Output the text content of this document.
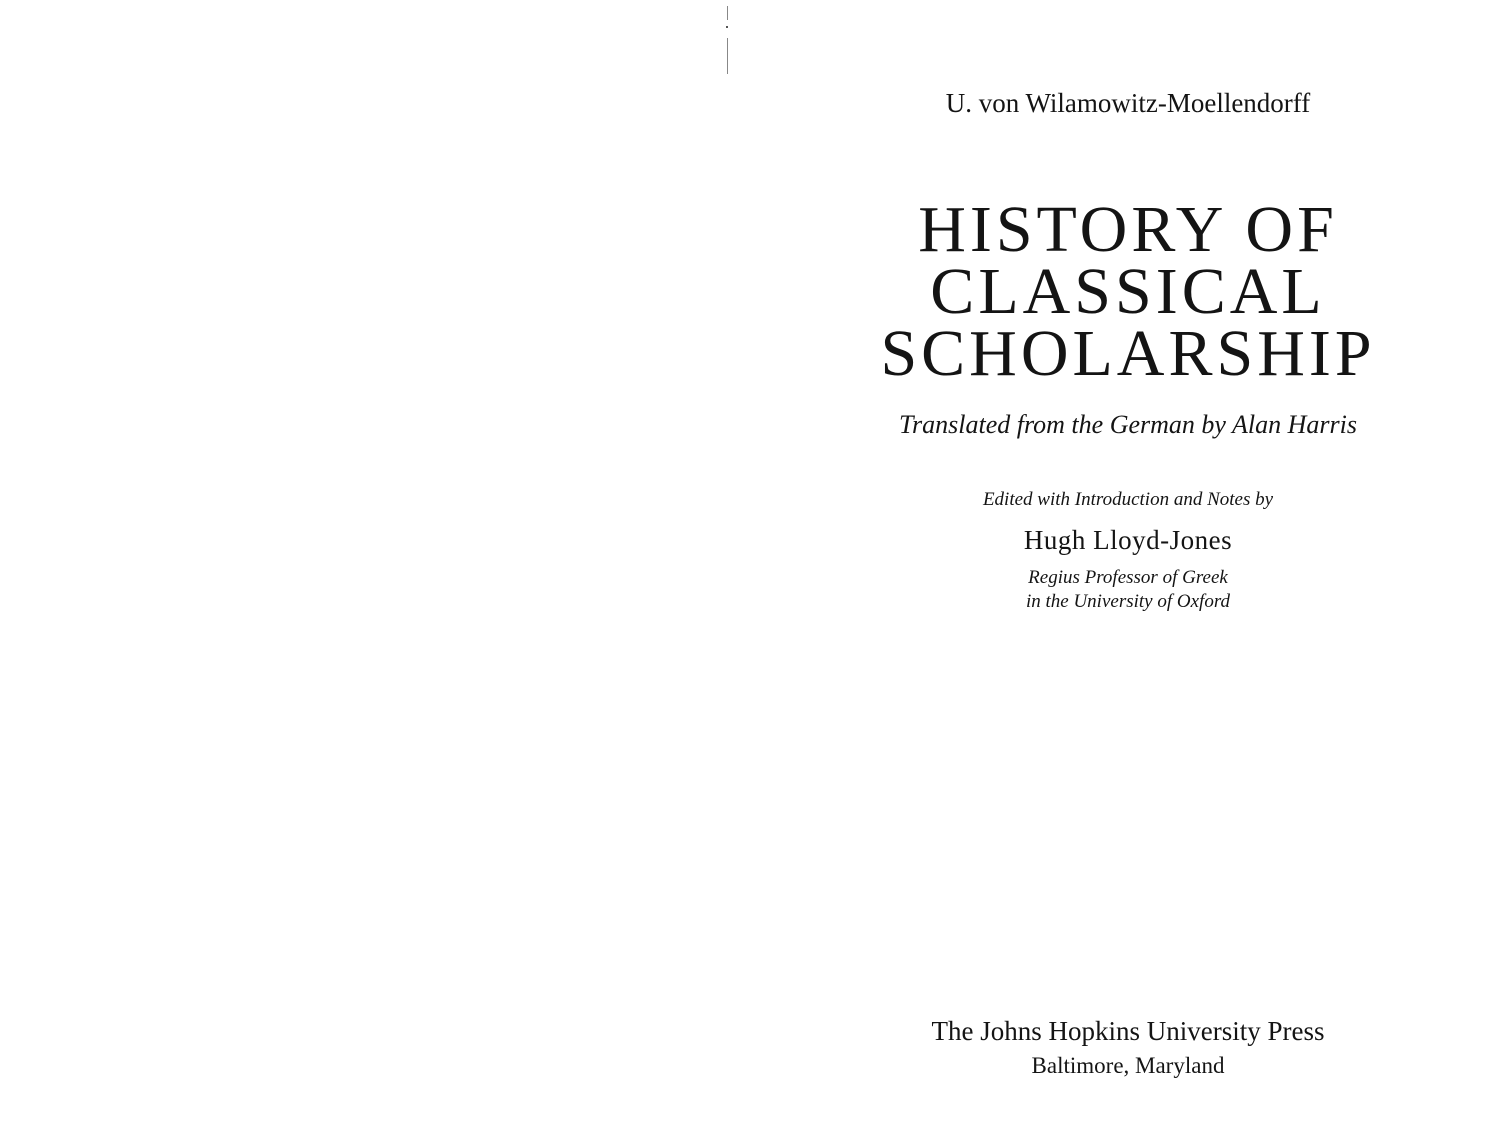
U. von Wilamowitz-Moellendorff
HISTORY OF
CLASSICAL
SCHOLARSHIP
Translated from the German by Alan Harris
Edited with Introduction and Notes by
Hugh Lloyd-Jones
Regius Professor of Greek
in the University of Oxford
The Johns Hopkins University Press
Baltimore, Maryland
